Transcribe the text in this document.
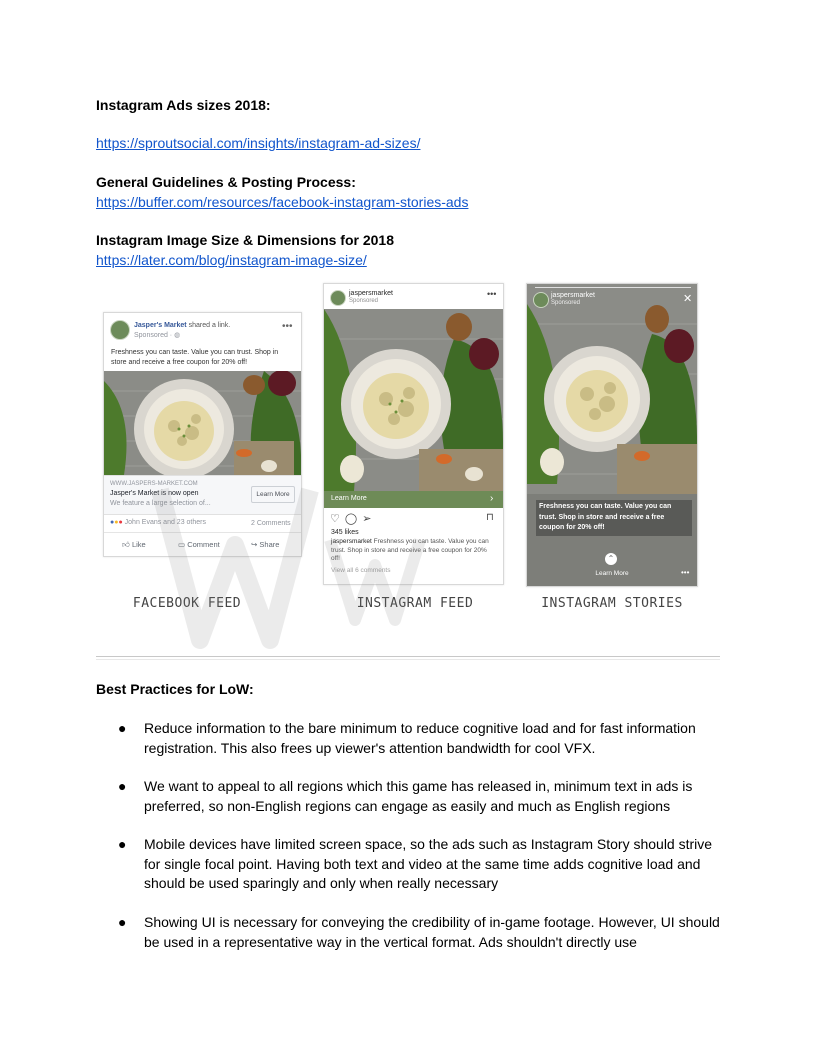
Instagram Ads sizes 2018:
https://sproutsocial.com/insights/instagram-ad-sizes/
General Guidelines & Posting Process:
https://buffer.com/resources/facebook-instagram-stories-ads
Instagram Image Size & Dimensions for 2018
https://later.com/blog/instagram-image-size/
Jasper's Market shared a link.
Sponsored · ◍
•••
Freshness you can taste. Value you can trust. Shop in store and receive a free coupon for 20% off!
WWW.JASPERS-MARKET.COM
Jasper's Market is now open
We feature a large selection of...
Learn More
●●● John Evans and 23 others	2 Comments
👍︎ Like	▭ Comment	↪ Share
FACEBOOK FEED
jaspersmarket
Sponsored
•••
Learn More	›
♡◯➢	⊓
345 likes
jaspersmarket Freshness you can taste. Value you can trust. Shop in store and receive a free coupon for 20% off!
View all 6 comments
INSTAGRAM FEED
jaspersmarket
Sponsored	✕
Freshness you can taste. Value you can trust. Shop in store and receive a free coupon for 20% off!
⌃
Learn More	•••
INSTAGRAM STORIES
Best Practices for LoW:
● Reduce information to the bare minimum to reduce cognitive load and for fast information registration. This also frees up viewer's attention bandwidth for cool VFX.
● We want to appeal to all regions which this game has released in, minimum text in ads is preferred, so non-English regions can engage as easily and much as English regions
● Mobile devices have limited screen space, so the ads such as Instagram Story should strive for single focal point. Having both text and video at the same time adds cognitive load and should be used sparingly and only when really necessary
● Showing UI is necessary for conveying the credibility of in-game footage. However, UI should be used in a representative way in the vertical format. Ads shouldn't directly use
